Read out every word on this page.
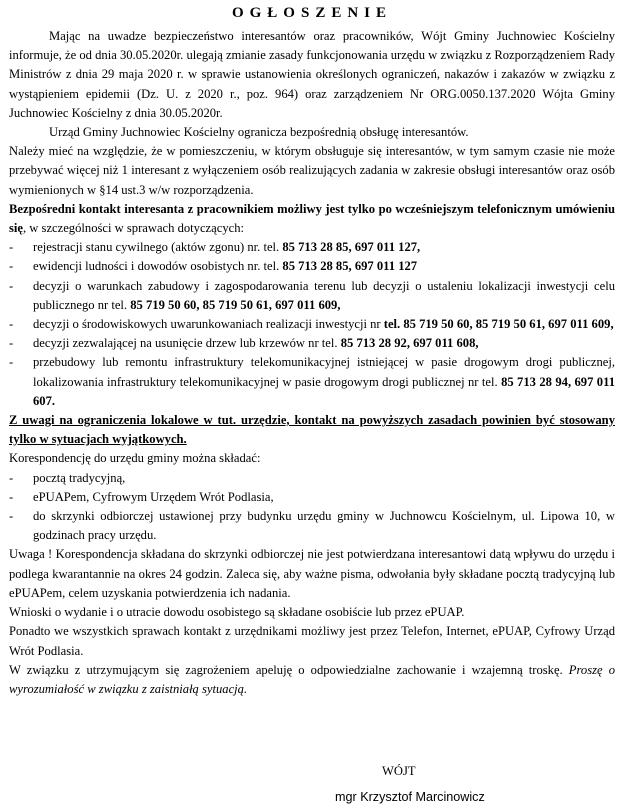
OGŁOSZENIE

Mając na uwadze bezpieczeństwo interesantów oraz pracowników, Wójt Gminy Juchnowiec Kościelny informuje, że od dnia 30.05.2020r. ulegają zmianie zasady funkcjonowania urzędu w związku z Rozporządzeniem Rady Ministrów z dnia 29 maja 2020 r. w sprawie ustanowienia określonych ograniczeń, nakazów i zakazów w związku z wystąpieniem epidemii (Dz. U. z 2020 r., poz. 964) oraz zarządzeniem Nr ORG.0050.137.2020 Wójta Gminy Juchnowiec Kościelny z dnia 30.05.2020r.

Urząd Gminy Juchnowiec Kościelny ogranicza bezpośrednią obsługę interesantów.

Należy mieć na względzie, że w pomieszczeniu, w którym obsługuje się interesantów, w tym samym czasie nie może przebywać więcej niż 1 interesant z wyłączeniem osób realizujących zadania w zakresie obsługi interesantów oraz osób wymienionych w §14 ust.3 w/w rozporządzenia.

Bezpośredni kontakt interesanta z pracownikiem możliwy jest tylko po wcześniejszym telefonicznym umówieniu się, w szczególności w sprawach dotyczących:

- rejestracji stanu cywilnego (aktów zgonu) nr. tel. 85 713 28 85, 697 011 127,
- ewidencji ludności i dowodów osobistych nr. tel. 85 713 28 85, 697 011 127
- decyzji o warunkach zabudowy i zagospodarowania terenu lub decyzji o ustaleniu lokalizacji inwestycji celu publicznego nr tel. 85 719 50 60, 85 719 50 61, 697 011 609,
- decyzji o środowiskowych uwarunkowaniach realizacji inwestycji nr tel. 85 719 50 60, 85 719 50 61, 697 011 609,
- decyzji zezwalającej na usunięcie drzew lub krzewów nr tel. 85 713 28 92, 697 011 608,
- przebudowy lub remontu infrastruktury telekomunikacyjnej istniejącej w pasie drogowym drogi publicznej, lokalizowania infrastruktury telekomunikacyjnej w pasie drogowym drogi publicznej nr tel. 85 713 28 94, 697 011 607.

Z uwagi na ograniczenia lokalowe w tut. urzędzie, kontakt na powyższych zasadach powinien być stosowany tylko w sytuacjach wyjątkowych.

Korespondencję do urzędu gminy można składać:

- pocztą tradycyjną,
- ePUAPem, Cyfrowym Urzędem Wrót Podlasia,
- do skrzynki odbiorczej ustawionej przy budynku urzędu gminy w Juchnowcu Kościelnym, ul. Lipowa 10, w godzinach pracy urzędu.

Uwaga ! Korespondencja składana do skrzynki odbiorczej nie jest potwierdzana interesantowi datą wpływu do urzędu i podlega kwarantannie na okres 24 godzin. Zaleca się, aby ważne pisma, odwołania były składane pocztą tradycyjną lub ePUAPem, celem uzyskania potwierdzenia ich nadania.

Wnioski o wydanie i o utracie dowodu osobistego są składane osobiście lub przez ePUAP.

Ponadto we wszystkich sprawach kontakt z urzędnikami możliwy jest przez Telefon, Internet, ePUAP, Cyfrowy Urząd Wrót Podlasia.

W związku z utrzymującym się zagrożeniem apeluję o odpowiedzialne zachowanie i wzajemną troskę. Proszę o wyrozumiałość w związku z zaistniałą sytuacją.

WÓJT
mgr Krzysztof Marcinowicz
